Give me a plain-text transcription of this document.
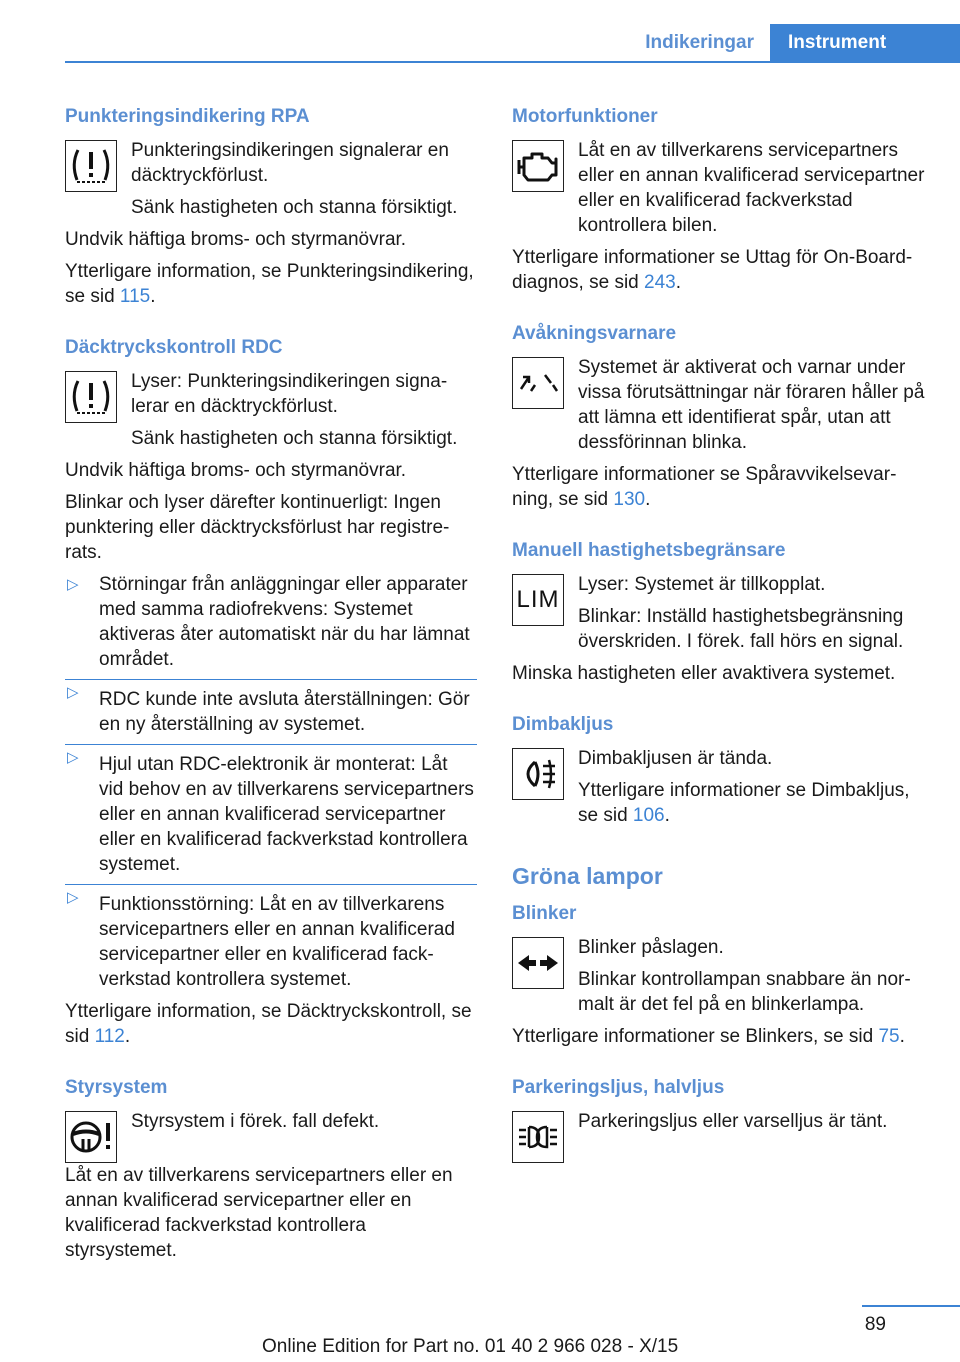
Indikeringar	Instrument
Punkteringsindikering RPA

Punkteringsindikeringen signalerar en däcktryckförlust.

Sänk hastigheten och stanna försiktigt.

Undvik häftiga broms- och styrmanövrar.

Ytterligare information, se Punkteringsindikering, se sid 115.

Däcktryckskontroll RDC

Lyser: Punkteringsindikeringen signalerar en däcktryckförlust.

Sänk hastigheten och stanna försiktigt.

Undvik häftiga broms- och styrmanövrar.

Blinkar och lyser därefter kontinuerligt: Ingen punktering eller däcktrycksförlust har registrerats.

▷ Störningar från anläggningar eller apparater med samma radiofrekvens: Systemet aktiveras åter automatiskt när du har lämnat området.
▷ RDC kunde inte avsluta återställningen: Gör en ny återställning av systemet.
▷ Hjul utan RDC-elektronik är monterat: Låt vid behov en av tillverkarens servicepartners eller en annan kvalificerad servicepartner eller en kvalificerad fackverkstad kontrollera systemet.
▷ Funktionsstörning: Låt en av tillverkarens servicepartners eller en annan kvalificerad servicepartner eller en kvalificerad fackverkstad kontrollera systemet.

Ytterligare information, se Däcktryckskontroll, se sid 112.

Styrsystem

Styrsystem i förek. fall defekt.

Låt en av tillverkarens servicepartners eller en annan kvalificerad servicepartner eller en kvalificerad fackverkstad kontrollera styrsystemet.

Motorfunktioner

Låt en av tillverkarens servicepartners eller en annan kvalificerad servicepartner eller en kvalificerad fackverkstad kontrollera bilen.

Ytterligare informationer se Uttag för On-Board-diagnos, se sid 243.

Avåkningsvarnare

Systemet är aktiverat och varnar under vissa förutsättningar när föraren håller på att lämna ett identifierat spår, utan att dessförinnan blinka.

Ytterligare informationer se Spåravvikelsevarning, se sid 130.

Manuell hastighetsbegränsare
LIM

Lyser: Systemet är tillkopplat.

Blinkar: Inställd hastighetsbegränsning överskriden. I förek. fall hörs en signal.

Minska hastigheten eller avaktivera systemet.

Dimbakljus

Dimbakljusen är tända.

Ytterligare informationer se Dimbakljus, se sid 106.

Gröna lampor
Blinker

Blinker påslagen.

Blinkar kontrollampan snabbare än normalt är det fel på en blinkerlampa.

Ytterligare informationer se Blinkers, se sid 75.

Parkeringsljus, halvljus

Parkeringsljus eller varselljus är tänt.

89
Online Edition for Part no. 01 40 2 966 028 - X/15
